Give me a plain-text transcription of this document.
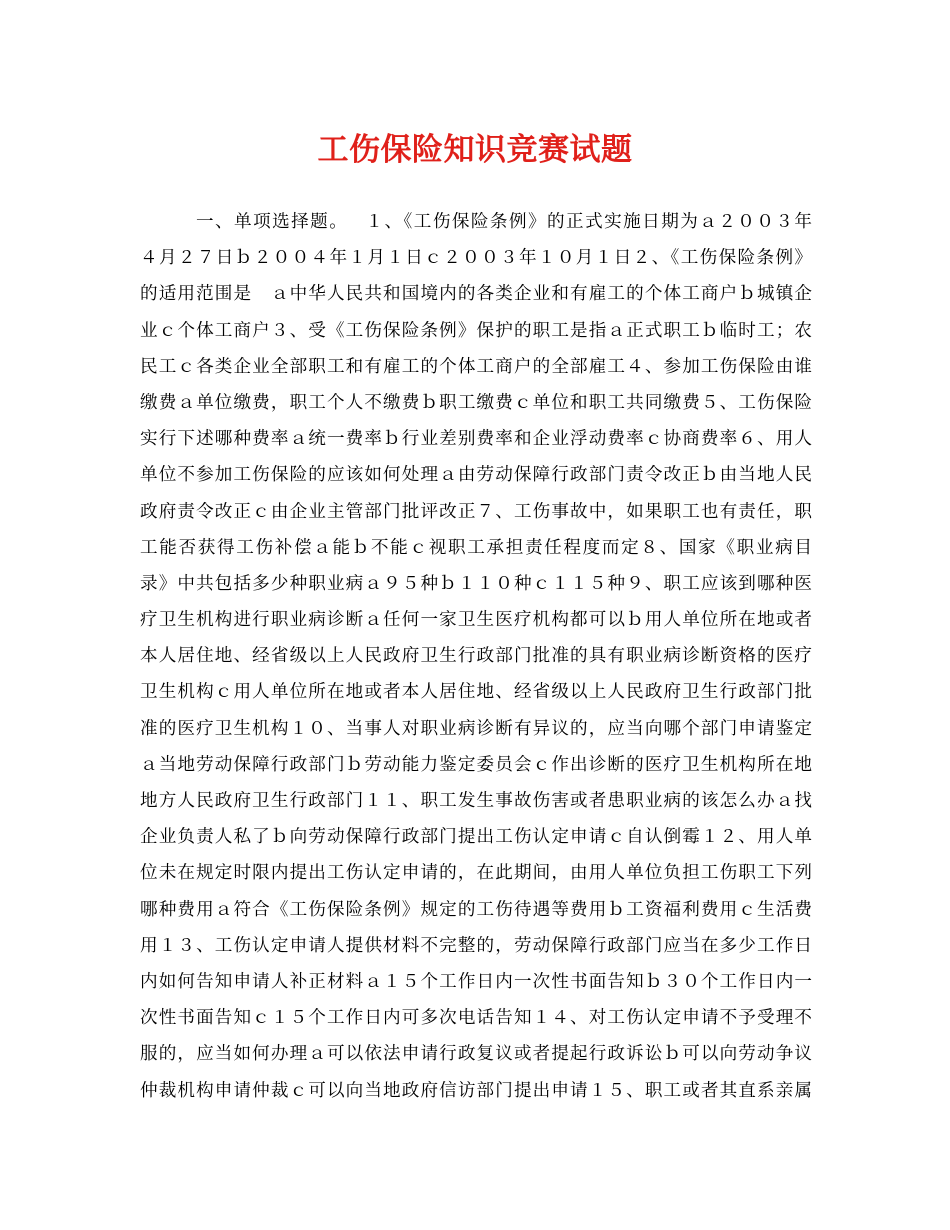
工伤保险知识竞赛试题
一、单项选择题。　 １、《工伤保险条例》的正式实施日期为ａ２００３年
４月２７日ｂ２００４年１月１日ｃ２００３年１０月１日２、《工伤保险条例》
的适用范围是　ａ中华人民共和国境内的各类企业和有雇工的个体工商户ｂ城镇企
业ｃ个体工商户３、受《工伤保险条例》保护的职工是指ａ正式职工ｂ临时工；农
民工ｃ各类企业全部职工和有雇工的个体工商户的全部雇工４、参加工伤保险由谁
缴费ａ单位缴费，职工个人不缴费ｂ职工缴费ｃ单位和职工共同缴费５、工伤保险
实行下述哪种费率ａ统一费率ｂ行业差别费率和企业浮动费率ｃ协商费率６、用人
单位不参加工伤保险的应该如何处理ａ由劳动保障行政部门责令改正ｂ由当地人民
政府责令改正ｃ由企业主管部门批评改正７、工伤事故中，如果职工也有责任，职
工能否获得工伤补偿ａ能ｂ不能ｃ视职工承担责任程度而定８、国家《职业病目
录》中共包括多少种职业病ａ９５种ｂ１１０种ｃ１１５种９、职工应该到哪种医
疗卫生机构进行职业病诊断ａ任何一家卫生医疗机构都可以ｂ用人单位所在地或者
本人居住地、经省级以上人民政府卫生行政部门批准的具有职业病诊断资格的医疗
卫生机构ｃ用人单位所在地或者本人居住地、经省级以上人民政府卫生行政部门批
准的医疗卫生机构１０、当事人对职业病诊断有异议的，应当向哪个部门申请鉴定
ａ当地劳动保障行政部门ｂ劳动能力鉴定委员会ｃ作出诊断的医疗卫生机构所在地
地方人民政府卫生行政部门１１、职工发生事故伤害或者患职业病的该怎么办ａ找
企业负责人私了ｂ向劳动保障行政部门提出工伤认定申请ｃ自认倒霉１２、用人单
位未在规定时限内提出工伤认定申请的，在此期间，由用人单位负担工伤职工下列
哪种费用ａ符合《工伤保险条例》规定的工伤待遇等费用ｂ工资福利费用ｃ生活费
用１３、工伤认定申请人提供材料不完整的，劳动保障行政部门应当在多少工作日
内如何告知申请人补正材料ａ１５个工作日内一次性书面告知ｂ３０个工作日内一
次性书面告知ｃ１５个工作日内可多次电话告知１４、对工伤认定申请不予受理不
服的，应当如何办理ａ可以依法申请行政复议或者提起行政诉讼ｂ可以向劳动争议
仲裁机构申请仲裁ｃ可以向当地政府信访部门提出申请１５、职工或者其直系亲属
